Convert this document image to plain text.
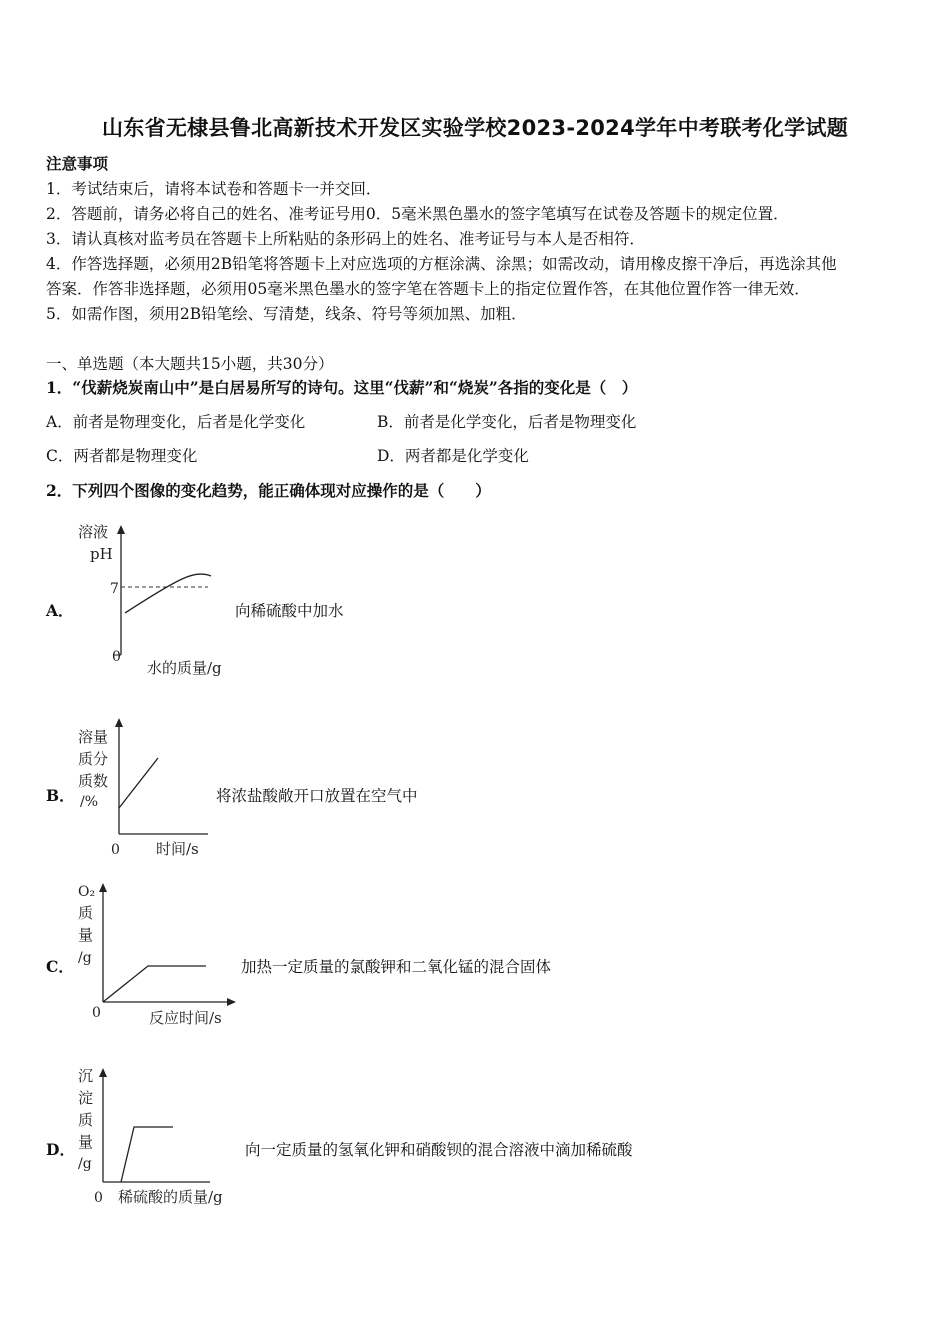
山东省无棣县鲁北高新技术开发区实验学校2023-2024学年中考联考化学试题
注意事项
1．考试结束后，请将本试卷和答题卡一并交回．
2．答题前，请务必将自己的姓名、准考证号用0．5毫米黑色墨水的签字笔填写在试卷及答题卡的规定位置．
3．请认真核对监考员在答题卡上所粘贴的条形码上的姓名、准考证号与本人是否相符．
4．作答选择题，必须用2B铅笔将答题卡上对应选项的方框涂满、涂黑；如需改动，请用橡皮擦干净后，再选涂其他
答案．作答非选择题，必须用05毫米黑色墨水的签字笔在答题卡上的指定位置作答，在其他位置作答一律无效．
5．如需作图，须用2B铅笔绘、写清楚，线条、符号等须加黑、加粗．
一、单选题（本大题共15小题，共30分）
1．“伐薪烧炭南山中”是白居易所写的诗句。这里“伐薪”和“烧炭”各指的变化是（　）
A．前者是物理变化，后者是化学变化	B．前者是化学变化，后者是物理变化
C．两者都是物理变化	D．两者都是化学变化
2．下列四个图像的变化趋势，能正确体现对应操作的是（　　）
A．
溶液
pH
7
0
水的质量/g
向稀硫酸中加水
B．
溶量
质分
质数
/%
0 时间/s
将浓盐酸敞开口放置在空气中
C．
O₂
质
量
/g
0	反应时间/s
加热一定质量的氯酸钾和二氧化锰的混合固体
D．
沉
淀
质
量
/g
0 稀硫酸的质量/g
向一定质量的氢氧化钾和硝酸钡的混合溶液中滴加稀硫酸
